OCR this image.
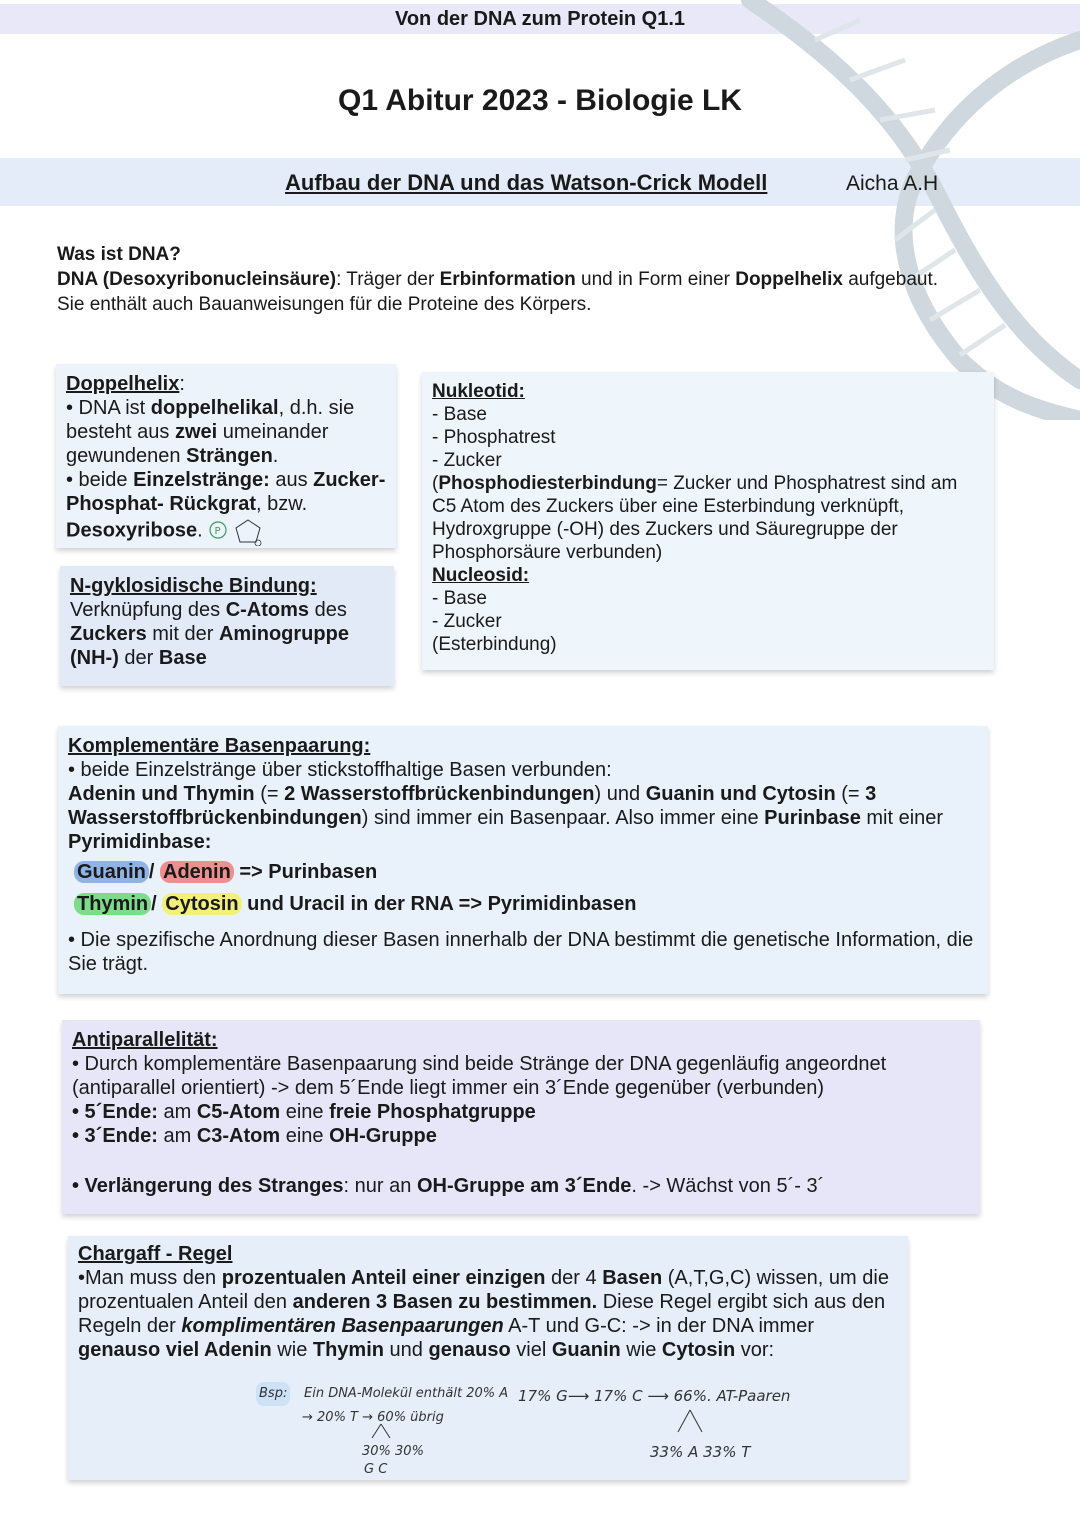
Von der DNA zum Protein Q1.1
Q1 Abitur 2023 - Biologie LK
Aufbau der DNA und das Watson-Crick Modell	Aicha A.H
Was ist DNA?
DNA (Desoxyribonucleinsäure): Träger der Erbinformation und in Form einer Doppelhelix aufgebaut. Sie enthält auch Bauanweisungen für die Proteine des Körpers.
Doppelhelix:
• DNA ist doppelhelikal, d.h. sie besteht aus zwei umeinander gewundenen Strängen.
• beide Einzelstränge: aus Zucker-Phosphat- Rückgrat, bzw. Desoxyribose. P
N-gyklosidische Bindung:
Verknüpfung des C-Atoms des Zuckers mit der Aminogruppe (NH-) der Base
Nukleotid:
- Base
- Phosphatrest
- Zucker
(Phosphodiesterbindung= Zucker und Phosphatrest sind am C5 Atom des Zuckers über eine Esterbindung verknüpft, Hydroxgruppe (-OH) des Zuckers und Säuregruppe der Phosphorsäure verbunden)
Nucleosid:
- Base
- Zucker
(Esterbindung)
Komplementäre Basenpaarung:
• beide Einzelstränge über stickstoffhaltige Basen verbunden:
Adenin und Thymin (= 2 Wasserstoffbrückenbindungen) und Guanin und Cytosin (= 3 Wasserstoffbrückenbindungen) sind immer ein Basenpaar. Also immer eine Purinbase mit einer Pyrimidinbase:
Guanin / Adenin => Purinbasen
Thymin / Cytosin und Uracil in der RNA => Pyrimidinbasen
• Die spezifische Anordnung dieser Basen innerhalb der DNA bestimmt die genetische Information, die Sie trägt.
Antiparallelität:
• Durch komplementäre Basenpaarung sind beide Stränge der DNA gegenläufig angeordnet (antiparallel orientiert) -> dem 5´Ende liegt immer ein 3´Ende gegenüber (verbunden)
• 5´Ende: am C5-Atom eine freie Phosphatgruppe
• 3´Ende: am C3-Atom eine OH-Gruppe
• Verlängerung des Stranges: nur an OH-Gruppe am 3´Ende. -> Wächst von 5´- 3´
Chargaff - Regel
•Man muss den prozentualen Anteil einer einzigen der 4 Basen (A,T,G,C) wissen, um die prozentualen Anteil den anderen 3 Basen zu bestimmen. Diese Regel ergibt sich aus den Regeln der komplimentären Basenpaarungen A-T und G-C: -> in der DNA immer genauso viel Adenin wie Thymin und genauso viel Guanin wie Cytosin vor:
Bsp: Ein DNA-Molekül enthält 20% A
→ 20% T → 60% übrig
30% 30%
G C
17% G⟶ 17% C ⟶ 66%. AT-Paaren
33% A 33% T
